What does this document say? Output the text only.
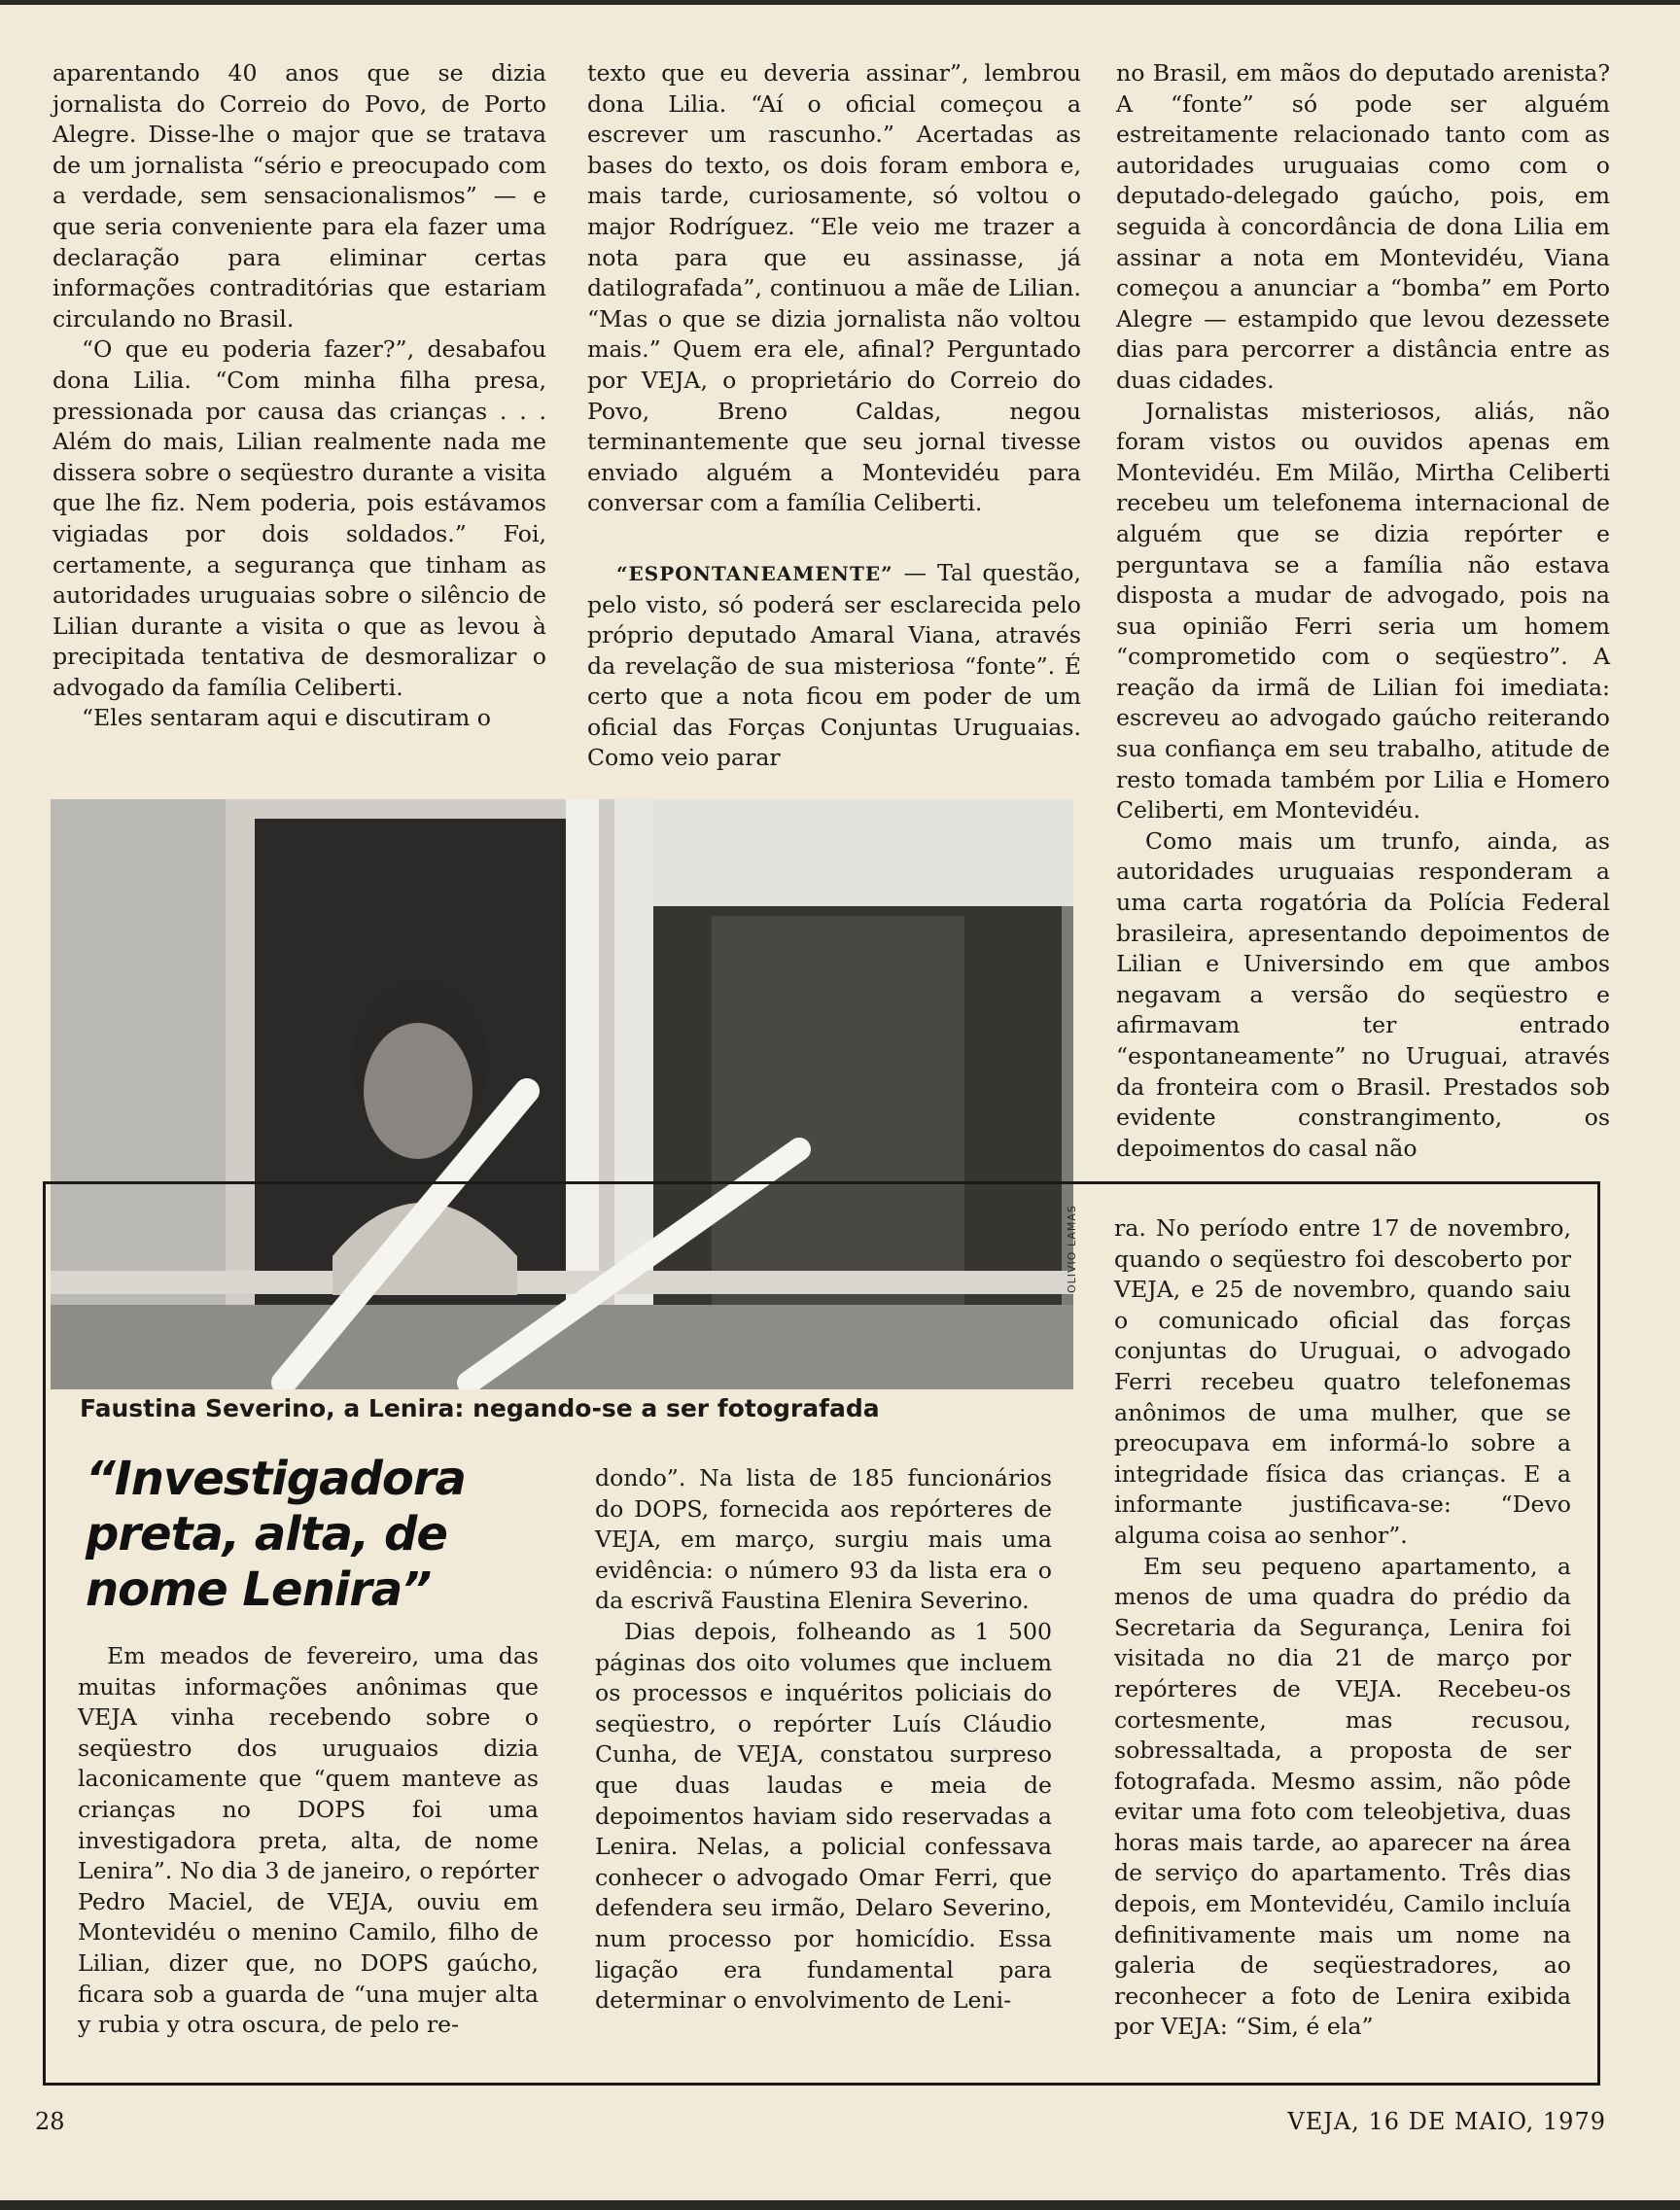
aparentando 40 anos que se dizia jornalista do Correio do Povo, de Porto Alegre. Disse-lhe o major que se tratava de um jornalista “sério e preocupado com a verdade, sem sensacionalismos” — e que seria conveniente para ela fazer uma declaração para eliminar certas informações contraditórias que estariam circulando no Brasil.

“O que eu poderia fazer?”, desabafou dona Lilia. “Com minha filha presa, pressionada por causa das crianças . . . Além do mais, Lilian realmente nada me dissera sobre o seqüestro durante a visita que lhe fiz. Nem poderia, pois estávamos vigiadas por dois soldados.” Foi, certamente, a segurança que tinham as autoridades uruguaias sobre o silêncio de Lilian durante a visita o que as levou à precipitada tentativa de desmoralizar o advogado da família Celiberti.

“Eles sentaram aqui e discutiram o

texto que eu deveria assinar”, lembrou dona Lilia. “Aí o oficial começou a escrever um rascunho.” Acertadas as bases do texto, os dois foram embora e, mais tarde, curiosamente, só voltou o major Rodríguez. “Ele veio me trazer a nota para que eu assinasse, já datilografada”, continuou a mãe de Lilian. “Mas o que se dizia jornalista não voltou mais.” Quem era ele, afinal? Perguntado por VEJA, o proprietário do Correio do Povo, Breno Caldas, negou terminantemente que seu jornal tivesse enviado alguém a Montevidéu para conversar com a família Celiberti.

“ESPONTANEAMENTE” — Tal questão, pelo visto, só poderá ser esclarecida pelo próprio deputado Amaral Viana, através da revelação de sua misteriosa “fonte”. É certo que a nota ficou em poder de um oficial das Forças Conjuntas Uruguaias. Como veio parar

no Brasil, em mãos do deputado arenista? A “fonte” só pode ser alguém estreitamente relacionado tanto com as autoridades uruguaias como com o deputado-delegado gaúcho, pois, em seguida à concordância de dona Lilia em assinar a nota em Montevidéu, Viana começou a anunciar a “bomba” em Porto Alegre — estampido que levou dezessete dias para percorrer a distância entre as duas cidades.

Jornalistas misteriosos, aliás, não foram vistos ou ouvidos apenas em Montevidéu. Em Milão, Mirtha Celiberti recebeu um telefonema internacional de alguém que se dizia repórter e perguntava se a família não estava disposta a mudar de advogado, pois na sua opinião Ferri seria um homem “comprometido com o seqüestro”. A reação da irmã de Lilian foi imediata: escreveu ao advogado gaúcho reiterando sua confiança em seu trabalho, atitude de resto tomada também por Lilia e Homero Celiberti, em Montevidéu.

Como mais um trunfo, ainda, as autoridades uruguaias responderam a uma carta rogatória da Polícia Federal brasileira, apresentando depoimentos de Lilian e Universindo em que ambos negavam a versão do seqüestro e afirmavam ter entrado “espontaneamente” no Uruguai, através da fronteira com o Brasil. Prestados sob evidente constrangimento, os depoimentos do casal não

OLIVIO LAMAS
Faustina Severino, a Lenira: negando-se a ser fotografada
“Investigadora preta, alta, de nome Lenira”

Em meados de fevereiro, uma das muitas informações anônimas que VEJA vinha recebendo sobre o seqüestro dos uruguaios dizia laconicamente que “quem manteve as crianças no DOPS foi uma investigadora preta, alta, de nome Lenira”. No dia 3 de janeiro, o repórter Pedro Maciel, de VEJA, ouviu em Montevidéu o menino Camilo, filho de Lilian, dizer que, no DOPS gaúcho, ficara sob a guarda de “una mujer alta y rubia y otra oscura, de pelo re-

dondo”. Na lista de 185 funcionários do DOPS, fornecida aos repórteres de VEJA, em março, surgiu mais uma evidência: o número 93 da lista era o da escrivã Faustina Elenira Severino.

Dias depois, folheando as 1 500 páginas dos oito volumes que incluem os processos e inquéritos policiais do seqüestro, o repórter Luís Cláudio Cunha, de VEJA, constatou surpreso que duas laudas e meia de depoimentos haviam sido reservadas a Lenira. Nelas, a policial confessava conhecer o advogado Omar Ferri, que defendera seu irmão, Delaro Severino, num processo por homicídio. Essa ligação era fundamental para determinar o envolvimento de Leni-

ra. No período entre 17 de novembro, quando o seqüestro foi descoberto por VEJA, e 25 de novembro, quando saiu o comunicado oficial das forças conjuntas do Uruguai, o advogado Ferri recebeu quatro telefonemas anônimos de uma mulher, que se preocupava em informá-lo sobre a integridade física das crianças. E a informante justificava-se: “Devo alguma coisa ao senhor”.

Em seu pequeno apartamento, a menos de uma quadra do prédio da Secretaria da Segurança, Lenira foi visitada no dia 21 de março por repórteres de VEJA. Recebeu-os cortesmente, mas recusou, sobressaltada, a proposta de ser fotografada. Mesmo assim, não pôde evitar uma foto com teleobjetiva, duas horas mais tarde, ao aparecer na área de serviço do apartamento. Três dias depois, em Montevidéu, Camilo incluía definitivamente mais um nome na galeria de seqüestradores, ao reconhecer a foto de Lenira exibida por VEJA: “Sim, é ela”

28	VEJA, 16 DE MAIO, 1979
